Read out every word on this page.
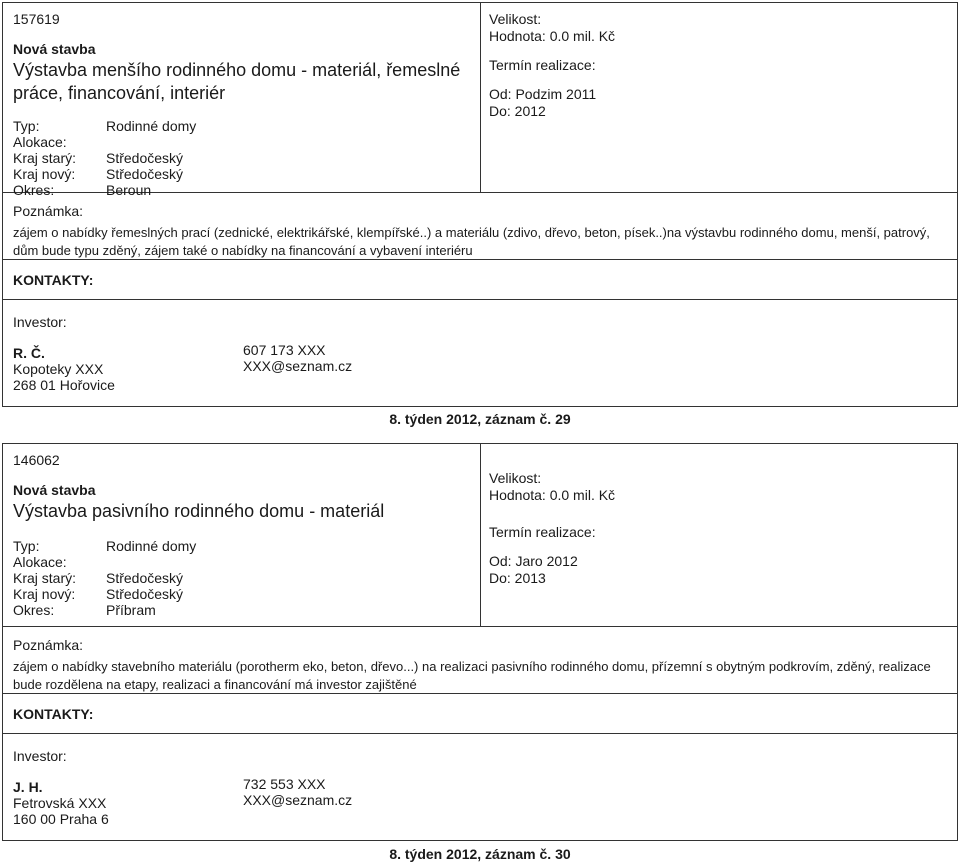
157619
Nová stavba
Výstavba menšího rodinného domu - materiál, řemeslné
práce, financování, interiér
Typ:	Rodinné domy
Alokace:
Kraj starý:	Středočeský
Kraj nový:	Středočeský
Okres:	Beroun
Velikost:
Hodnota: 0.0 mil. Kč
Termín realizace:
Od: Podzim 2011
Do: 2012
Poznámka:
zájem o nabídky řemeslných prací (zednické, elektrikářské, klempířské..) a materiálu (zdivo, dřevo, beton, písek..)na výstavbu rodinného domu, menší, patrový,
dům bude typu zděný, zájem také o nabídky na financování a vybavení interiéru
KONTAKTY:
Investor:
R. Č.
Kopoteky XXX
268 01 Hořovice
607 173 XXX
XXX@seznam.cz
8. týden 2012, záznam č. 29
146062
Nová stavba
Výstavba pasivního rodinného domu - materiál
Typ:	Rodinné domy
Alokace:
Kraj starý:	Středočeský
Kraj nový:	Středočeský
Okres:	Příbram
Velikost:
Hodnota: 0.0 mil. Kč
Termín realizace:
Od: Jaro 2012
Do: 2013
Poznámka:
zájem o nabídky stavebního materiálu (porotherm eko, beton, dřevo...) na realizaci pasivního rodinného domu, přízemní s obytným podkrovím, zděný, realizace
bude rozdělena na etapy, realizaci a financování má investor zajištěné
KONTAKTY:
Investor:
J. H.
Fetrovská XXX
160 00 Praha 6
732 553 XXX
XXX@seznam.cz
8. týden 2012, záznam č. 30
